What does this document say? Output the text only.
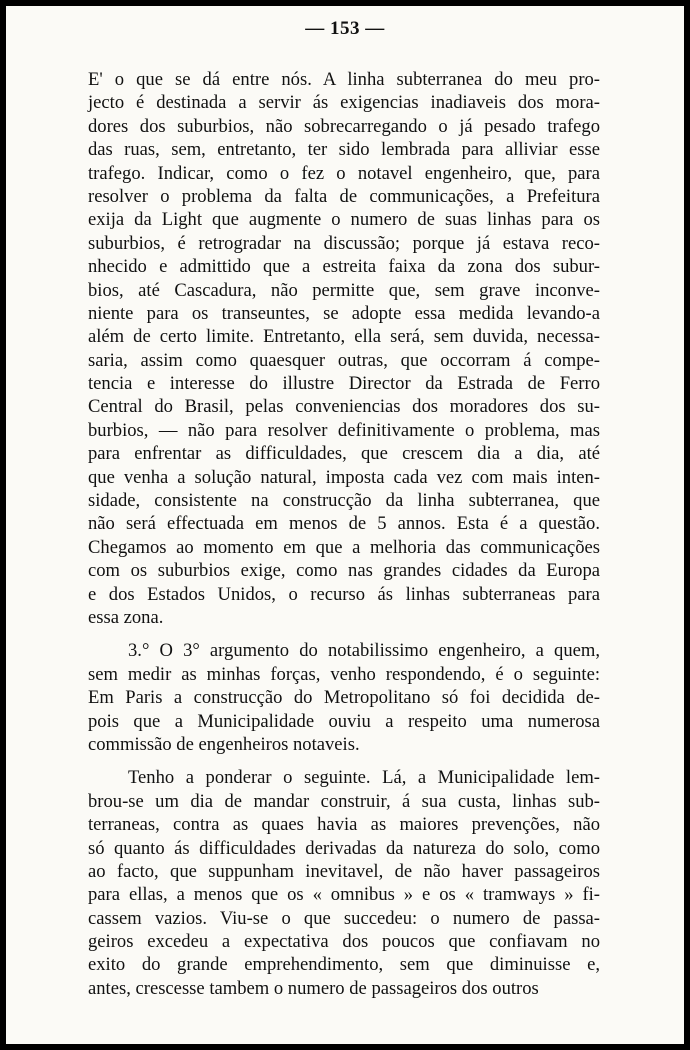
— 153 —
E' o que se dá entre nós. A linha subterranea do meu pro-
jecto é destinada a servir ás exigencias inadiaveis dos mora-
dores dos suburbios, não sobrecarregando o já pesado trafego
das ruas, sem, entretanto, ter sido lembrada para alliviar esse
trafego. Indicar, como o fez o notavel engenheiro, que, para
resolver o problema da falta de communicações, a Prefeitura
exija da Light que augmente o numero de suas linhas para os
suburbios, é retrogradar na discussão; porque já estava reco-
nhecido e admittido que a estreita faixa da zona dos subur-
bios, até Cascadura, não permitte que, sem grave inconve-
niente para os transeuntes, se adopte essa medida levando-a
além de certo limite. Entretanto, ella será, sem duvida, necessa-
saria, assim como quaesquer outras, que occorram á compe-
tencia e interesse do illustre Director da Estrada de Ferro
Central do Brasil, pelas conveniencias dos moradores dos su-
burbios, — não para resolver definitivamente o problema, mas
para enfrentar as difficuldades, que crescem dia a dia, até
que venha a solução natural, imposta cada vez com mais inten-
sidade, consistente na construcção da linha subterranea, que
não será effectuada em menos de 5 annos. Esta é a questão.
Chegamos ao momento em que a melhoria das communicações
com os suburbios exige, como nas grandes cidades da Europa
e dos Estados Unidos, o recurso ás linhas subterraneas para
essa zona.
3.° O 3° argumento do notabilissimo engenheiro, a quem,
sem medir as minhas forças, venho respondendo, é o seguinte:
Em Paris a construcção do Metropolitano só foi decidida de-
pois que a Municipalidade ouviu a respeito uma numerosa
commissão de engenheiros notaveis.
Tenho a ponderar o seguinte. Lá, a Municipalidade lem-
brou-se um dia de mandar construir, á sua custa, linhas sub-
terraneas, contra as quaes havia as maiores prevenções, não
só quanto ás difficuldades derivadas da natureza do solo, como
ao facto, que suppunham inevitavel, de não haver passageiros
para ellas, a menos que os « omnibus » e os « tramways » fi-
cassem vazios. Viu-se o que succedeu: o numero de passa-
geiros excedeu a expectativa dos poucos que confiavam no
exito do grande emprehendimento, sem que diminuisse e,
antes, crescesse tambem o numero de passageiros dos outros
